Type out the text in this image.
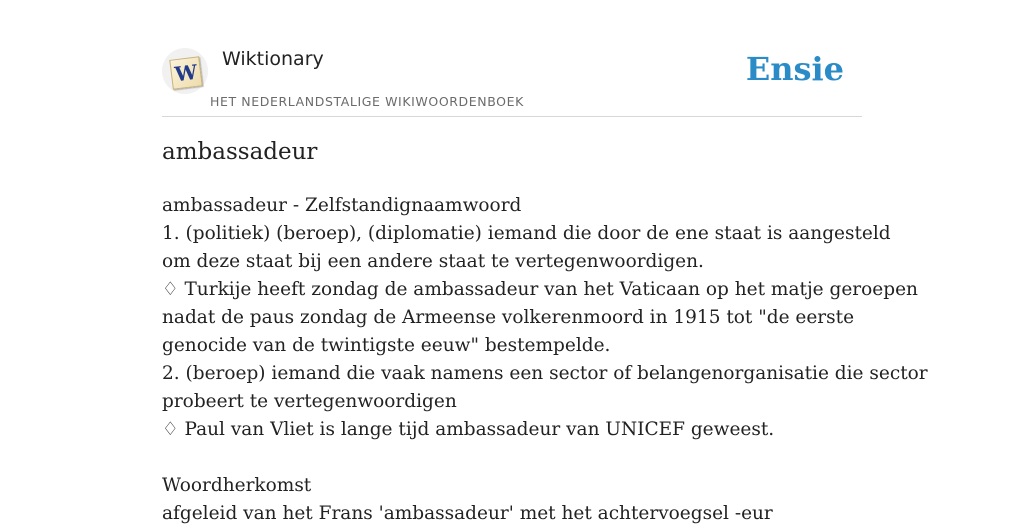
W
Wiktionary
HET NEDERLANDSTALIGE WIKIWOORDENBOEK
Ensie
ambassadeur
ambassadeur - Zelfstandignaamwoord
1. (politiek) (beroep), (diplomatie) iemand die door de ene staat is aangesteld
om deze staat bij een andere staat te vertegenwoordigen.
♢ Turkije heeft zondag de ambassadeur van het Vaticaan op het matje geroepen
nadat de paus zondag de Armeense volkerenmoord in 1915 tot "de eerste
genocide van de twintigste eeuw" bestempelde.
2. (beroep) iemand die vaak namens een sector of belangenorganisatie die sector
probeert te vertegenwoordigen
♢ Paul van Vliet is lange tijd ambassadeur van UNICEF geweest.
Woordherkomst
afgeleid van het Frans 'ambassadeur' met het achtervoegsel -eur
